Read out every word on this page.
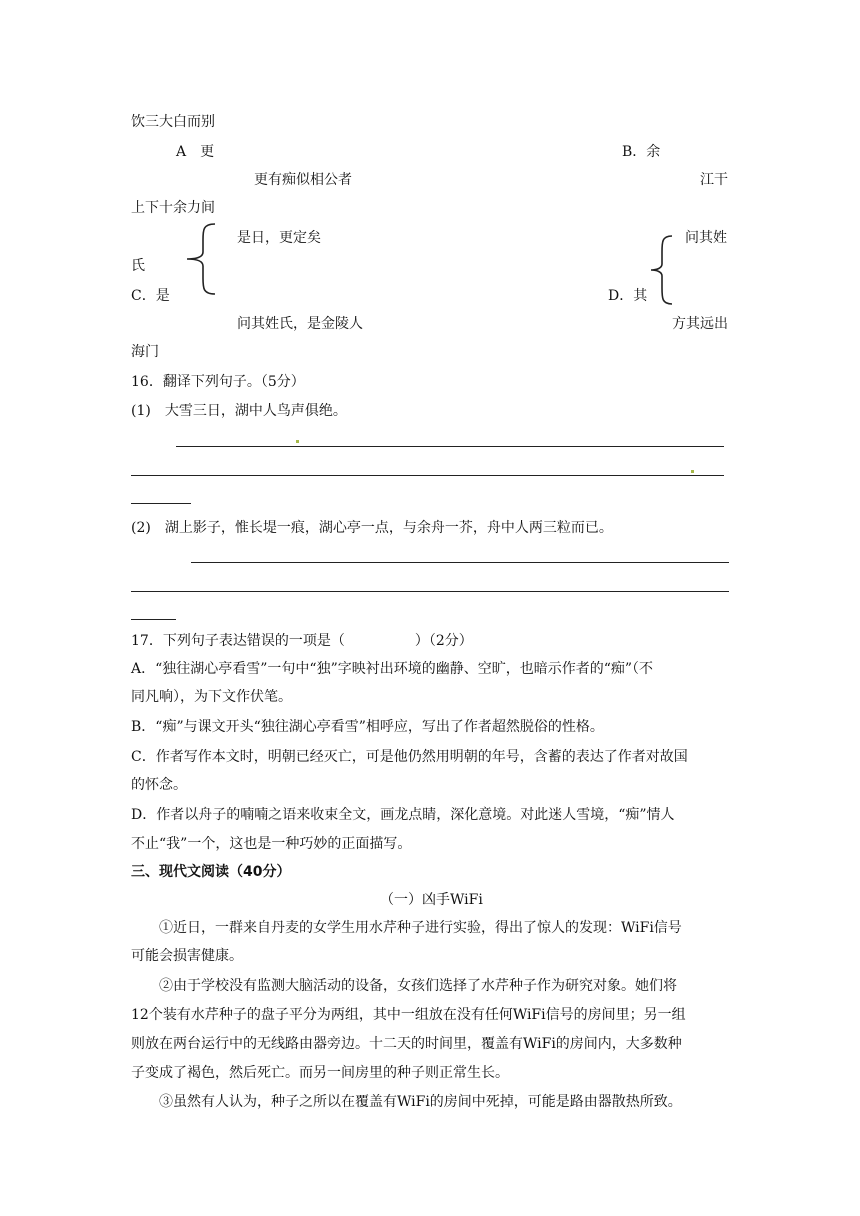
饮三大白而别
A　更	B．余
更有痴似相公者	江干
上下十余力间
是日，更定矣	问其姓
氏
C．是	D．其
问其姓氏，是金陵人	方其远出
海门
16．翻译下列句子。（5分）
(1)　大雪三日，湖中人鸟声俱绝。
(2)　湖上影子，惟长堤一痕，湖心亭一点，与余舟一芥，舟中人两三粒而已。
17．下列句子表达错误的一项是（　　　　　）（2分）
A．“独往湖心亭看雪”一句中“独”字映衬出环境的幽静、空旷，也暗示作者的“痴”（不
同凡响），为下文作伏笔。
B．“痴”与课文开头“独往湖心亭看雪”相呼应，写出了作者超然脱俗的性格。
C．作者写作本文时，明朝已经灭亡，可是他仍然用明朝的年号，含蓄的表达了作者对故国
的怀念。
D．作者以舟子的喃喃之语来收束全文，画龙点睛，深化意境。对此迷人雪境，“痴”情人
不止“我”一个，这也是一种巧妙的正面描写。
三、现代文阅读（40分）
（一）凶手WiFi
①近日，一群来自丹麦的女学生用水芹种子进行实验，得出了惊人的发现：WiFi信号
可能会损害健康。
②由于学校没有监测大脑活动的设备，女孩们选择了水芹种子作为研究对象。她们将
12个装有水芹种子的盘子平分为两组，其中一组放在没有任何WiFi信号的房间里；另一组
则放在两台运行中的无线路由器旁边。十二天的时间里，覆盖有WiFi的房间内，大多数种
子变成了褐色，然后死亡。而另一间房里的种子则正常生长。
③虽然有人认为，种子之所以在覆盖有WiFi的房间中死掉，可能是路由器散热所致。
